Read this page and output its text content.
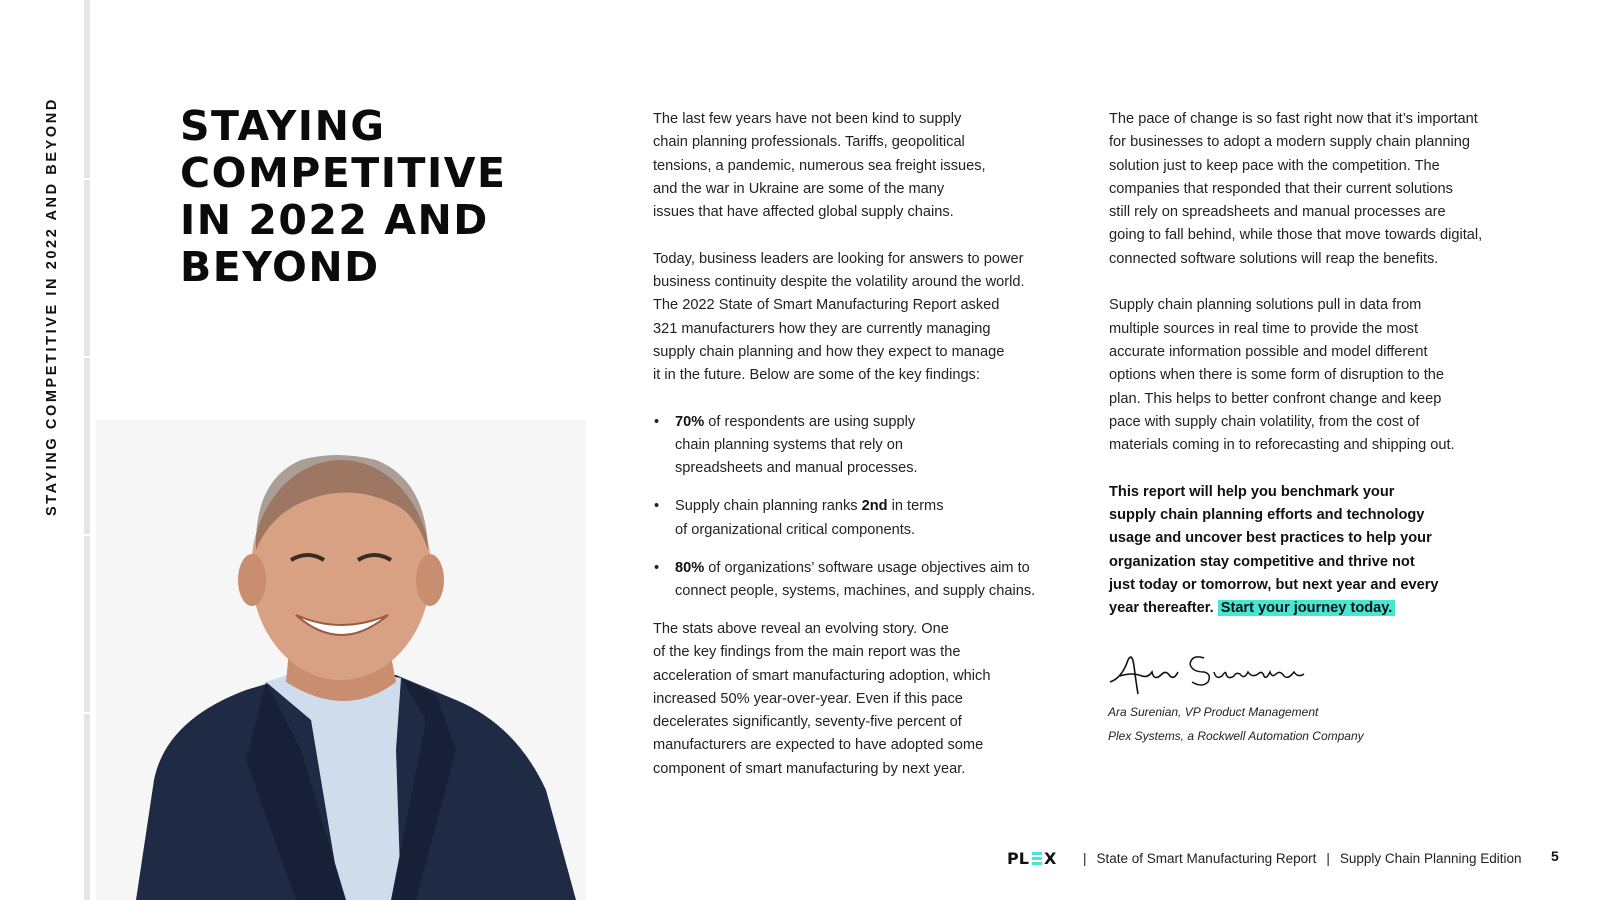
STAYING COMPETITIVE IN 2022 AND BEYOND	STAYING
COMPETITIVE
IN 2022 AND
BEYOND

The last few years have not been kind to supply
chain planning professionals. Tariffs, geopolitical
tensions, a pandemic, numerous sea freight issues,
and the war in Ukraine are some of the many
issues that have affected global supply chains.

Today, business leaders are looking for answers to power
business continuity despite the volatility around the world.
The 2022 State of Smart Manufacturing Report asked
321 manufacturers how they are currently managing
supply chain planning and how they expect to manage
it in the future. Below are some of the key findings:

• 70% of respondents are using supply
chain planning systems that rely on
spreadsheets and manual processes.
• Supply chain planning ranks 2nd in terms
of organizational critical components.
• 80% of organizations’ software usage objectives aim to
connect people, systems, machines, and supply chains.

The stats above reveal an evolving story. One
of the key findings from the main report was the
acceleration of smart manufacturing adoption, which
increased 50% year-over-year. Even if this pace
decelerates significantly, seventy-five percent of
manufacturers are expected to have adopted some
component of smart manufacturing by next year.

The pace of change is so fast right now that it’s important
for businesses to adopt a modern supply chain planning
solution just to keep pace with the competition. The
companies that responded that their current solutions
still rely on spreadsheets and manual processes are
going to fall behind, while those that move towards digital,
connected software solutions will reap the benefits.

Supply chain planning solutions pull in data from
multiple sources in real time to provide the most
accurate information possible and model different
options when there is some form of disruption to the
plan. This helps to better confront change and keep
pace with supply chain volatility, from the cost of
materials coming in to reforecasting and shipping out.

This report will help you benchmark your
supply chain planning efforts and technology
usage and uncover best practices to help your
organization stay competitive and thrive not
just today or tomorrow, but next year and every
year thereafter. Start your journey today.

Ara Surenian, VP Product Management
Plex Systems, a Rockwell Automation Company
PL X | State of Smart Manufacturing Report | Supply Chain Planning Edition 5
